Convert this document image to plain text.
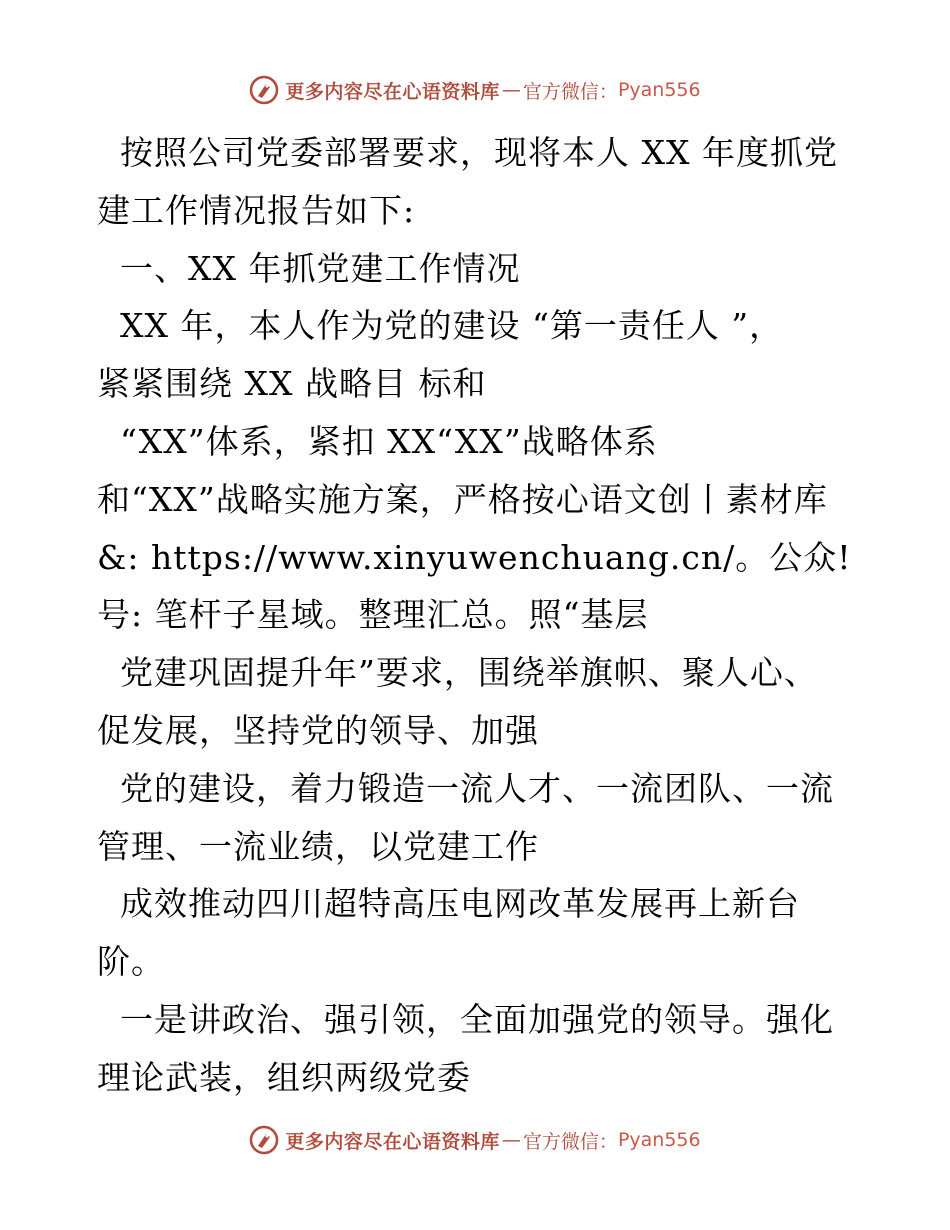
更多内容尽在心语资料库 — 官方微信： Pyan556
按照公司党委部署要求，现将本人 XX 年度抓党
建工作情况报告如下:
一、XX 年抓党建工作情况
XX 年，本人作为党的建设 “第一责任人 ”，
紧紧围绕 XX 战略目 标和
“XX”体系，紧扣 XX“XX”战略体系
和“XX”战略实施方案，严格按心语文创丨素材库
&: https://www.xinyuwenchuang.cn/。公众!
号: 笔杆子星域。整理汇总。照“基层
党建巩固提升年”要求，围绕举旗帜、聚人心、
促发展，坚持党的领导、加强
党的建设，着力锻造一流人才、一流团队、一流
管理、一流业绩，以党建工作
成效推动四川超特高压电网改革发展再上新台
阶。
一是讲政治、强引领，全面加强党的领导。强化
理论武装，组织两级党委
更多内容尽在心语资料库 — 官方微信： Pyan556
